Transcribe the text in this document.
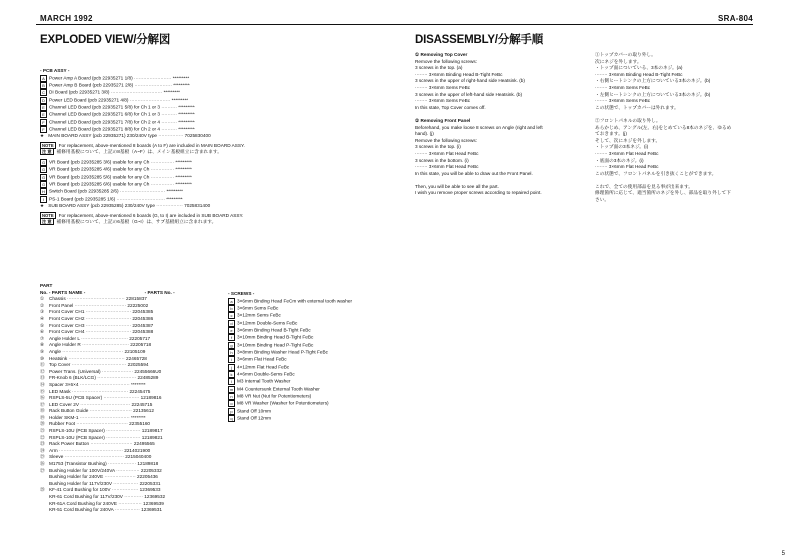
MARCH 1992	SRA-804
EXPLODED VIEW/分解図	DISASSEMBLY/分解手順
- PCB ASSY -
A Power Amp A Board (pcb 22935271 1/8) ························ *********
B Power Amp B Board (pcb 22935271 2/8) ························ *********
C DI Board (pcb 22935271 3/8) ································· *********
D Power LED Board (pcb 22935271 4/8) ·························· *********
E Channel LED Board (pcb 22935271 5/8) for Ch 1 or 3 ·········· *********
E Channel LED Board (pcb 22935271 6/8) for Ch 1 or 3 ·········· *********
F Channel LED Board (pcb 22935271 7/8) for Ch 2 or 4 ·········· *********
F Channel LED Board (pcb 22935271 8/8) for Ch 2 or 4 ·········· *********
★ MAIN BOARD ASSY (pcb 22935271) 230/240V type ················ 7025830400
NOTE For replacement, above-mentioned 8 boards (A to F) are included in MAIN BOARD ASSY.
注 意 補修用基板について、上記の8基板（A~F）は、メイン基板組立に含まれます。
G VR Board (pcb 22935285 3/6) usable for any Ch ··············· *********
G VR Board (pcb 22935285 4/6) usable for any Ch ··············· *********
G VR Board (pcb 22935285 5/6) usable for any Ch ··············· *********
G VR Board (pcb 22935285 6/6) usable for any Ch ··············· *********
H Switch Board (pcb 22935285 2/6) ····························· *********
I PS-1 Board (pcb 22935285 1/6) ······························· *********
★ SUB BOARD ASSY (pcb 22935285) 230/240V type ················· 7025831400
NOTE For replacement, above-mentioned 6 boards (G, to I) are included in SUB BOARD ASSY.
注 意 補修用基板について、上記の6基板（G~I）は、サブ基板組立に含まれます。
PART
No. - PARTS NAME -	- PARTS No. -
① Chassis ····································· 22815837
② Front Panel ································· 22225002
③ Front Cover CH1 ····························· 22045385
④ Front Cover CH2 ····························· 22045386
⑤ Front Cover CH3 ····························· 22045387
⑥ Front Cover CH4 ····························· 22045388
⑦ Angle Holder L ······························ 22205717
⑧ Angle Holder R ······························ 22205718
⑨ Angle ······································· 22105109
⑩ Heatsink ···································· 22465728
⑪ Top Cover ··································· 22025594
⑫ Power Trans. (Universal) ···················· 22455666U0
⑬ FR-Knob 6 (BLK/LCG) ························· 22485289
⑭ Spacer 3×6×4 ································ ********
⑮ LED Mask ···································· 22245475
⑯ RSPLS-5U (PCB Spacer) ······················· 12189816
⑰ LED Cover 2V ································ 22245715
⑱ Rack Button Guide ··························· 22135612
⑲ Holder SKM-1 ································ ********
⑳ Rubber Foot ································· 22355160
㉑ RSPLS-10U (PCB Spacer) ······················ 12189817
㉒ RSPLS-10U (PCB Spacer) ······················ 12189821
㉓ Rack Power Button ··························· 22495565
㉔ Arm ········································· 2214021900
㉕ Sleeve ······································ 2215040400
㉖ M1753 (Transistor Bushing) ·················· 12189818
㉗ Bushing Holder for 100V/240VA ··············· 22205332
Bushing Holder for 240VE ···················· 22205436
Bushing Holder for 117V/230V ················ 22205331
㉘ KF-41 Cord Bushing for 100V ················· 12369533
KR-61 Cord Bushing for 117V/230V ············ 12369532
KR-61A Cord Bushing for 240VE ··············· 12369539
KR-51 Cord Bushing for 240VA ················ 12369531
- SCREWS -
a 3×6mm Binding Head FeCm with external tooth washer
b 3×6mm Sems FeBc
c 3×12mm Sems FeBc
d 3×12mm Double-Sems FeBc
e 3×6mm Binding Head B-Tight FeBc
f 3×10mm Binding Head B-Tight FeBc
g 3×10mm Binding Head P-Tight FeBc
h 3×8mm Binding Washer Head P-Tight FeBc
i 3×6mm Flat Head FeBc
j 4×12mm Flat Head FeBc
k 4×6mm Double-Sems FeBc
l M3 Internal Tooth Washer
m M4 Countersunk External Tooth Washer
n M8 VR Nut (Nut for Potentiometers)
o M8 VR Washer (Washer for Potentiometers)
p Stand Off 10mm
q Stand Off 12mm
① Removing Top Cover
Remove the following screws:
3 screws in the top. (a)
········ 3×6mm Binding Head B-Tight FeBc
3 screws in the upper of right-hand side Heatsink. (b)
········ 3×6mm Sems FeBc
3 screws in the upper of left-hand side Heatsink. (b)
········ 3×6mm Sems FeBc
In this state, Top Cover comes off.

② Removing Front Panel
Beforehand, you make loose 8 screws on Angle (right and left
hand). (j)
Remove the following screws:
3 screws in the top. (i)
········ 3×6mm Flat Head FeBc
3 screws in the bottom. (i)
········ 3×6mm Flat Head FeBc
In this state, you will be able to draw out the Front Panel.

Then, you will be able to see all the part.
I wish you remove proper screws according to repaired point.
①トップカバーの取り外し。
次にネジを外します。
・トップ面についている、3本のネジ。(a)
········ 3×6mm Binding Head B-Tight FeBc
・右側ヒートシンクの上方についている3本のネジ。(b)
········ 3×6mm Sems FeBc
・左側ヒートシンクの上方についている3本のネジ。(b)
········ 3×6mm Sems FeBc
この状態で、トップカバーは外れます。

②フロントパネルの取り外し。
あらかじめ、アングル(左、右)をとめている8本のネジを、ゆるめ
ておきます。(j)
そして、次にネジを外します。
・トップ面の3本ネジ。(i)
········ 3×6mm Flat Head FeBc
・底面の3本のネジ。(i)
········ 3×6mm Flat Head FeBc
この状態で、フロントパネルを引き抜くことができます。

これで、全ての使用部品を見る事が出来ます。
修理箇所に応じて、適当箇所のネジを外し、部品を取り外して下
さい。
5
